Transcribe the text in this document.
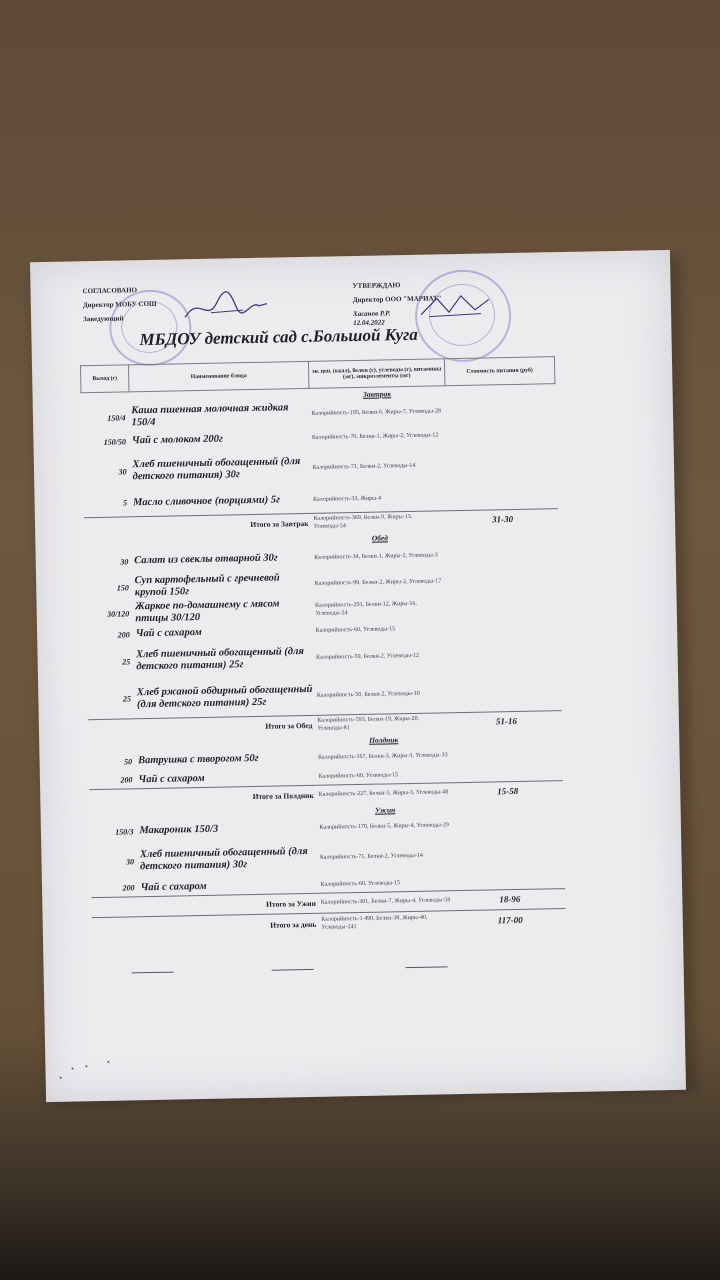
СОГЛАСОВАНО
Директор МОБУ СОШ
Заведующий
УТВЕРЖДАЮ
Директор ООО "МАРИАТ"
Хасанов Р.Р.
12.04.2022
МБДОУ детский сад с.Большой Куга
Выход (г)	Наименование блюда	эн. цен. (ккал), белки (г), углеводы (г), витамины (мг), микроэлементы (мг)	Стоимость питания (руб)
		Завтрак	
150/4	Каша пшенная молочная жидкая 150/4	Калорийность-195, Белки-6, Жиры-7, Углеводы-28	
150/50	Чай с молоком 200г	Калорийность-70, Белки-1, Жиры-2, Углеводы-12	
30	Хлеб пшеничный обогащенный (для детского питания) 30г	Калорийность-71, Белки-2, Углеводы-14	
5	Масло сливочное (порциями) 5г	Калорийность-33, Жиры-4	
	Итого за Завтрак	Калорийность-369, Белки-9, Жиры-13, Углеводы-54	31-30
		Обед	
30	Салат из свеклы отварной 30г	Калорийность-34, Белки-1, Жиры-2, Углеводы-3	
150	Суп картофельный с гречневой крупой 150г	Калорийность-99, Белки-2, Жиры-2, Углеводы-17	
30/120	Жаркое по-домашнему с мясом птицы 30/120	Калорийность-291, Белки-12, Жиры-16, Углеводы-24	
200	Чай с сахаром	Калорийность-60, Углеводы-15	
25	Хлеб пшеничный обогащенный (для детского питания) 25г	Калорийность-59, Белки-2, Углеводы-12	
25	Хлеб ржаной обдирный обогащенный (для детского питания) 25г	Калорийность-50, Белки-2, Углеводы-10	
	Итого за Обед	Калорийность-593, Белки-19, Жиры-20, Углеводы-81	51-16
		Полдник	
50	Ватрушка с творогом 50г	Калорийность-167, Белки-3, Жиры-3, Углеводы-33	
200	Чай с сахаром	Калорийность-60, Углеводы-15	
	Итого за Полдник	Калорийность-227, Белки-3, Жиры-3, Углеводы-48	15-58
		Ужин	
150/3	Макароник 150/3	Калорийность-170, Белки-5, Жиры-4, Углеводы-29	
30	Хлеб пшеничный обогащенный (для детского питания) 30г	Калорийность-71, Белки-2, Углеводы-14	
200	Чай с сахаром	Калорийность-60, Углеводы-15	
	Итого за Ужин	Калорийность-301, Белки-7, Жиры-4, Углеводы-58	18-96
	Итого за день	Калорийность-1 490, Белки-38, Жиры-40, Углеводы-241	117-00
